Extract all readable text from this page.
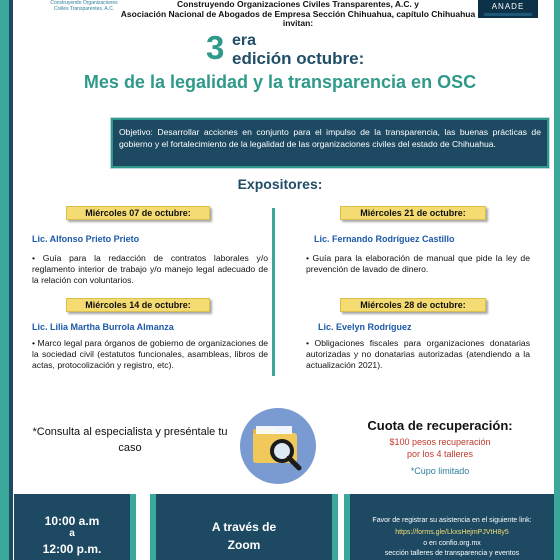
Construyendo Organizaciones Civiles Transparentes, A.C.	Construyendo Organizaciones Civiles Transparentes, A.C. y
Asociación Nacional de Abogados de Empresa Sección Chihuahua, capítulo Chihuahua
invitan:
ANADE
3 era
edición octubre:
Mes de la legalidad y la transparencia en OSC
Objetivo: Desarrollar acciones en conjunto para el impulso de la transparencia, las buenas prácticas de gobierno y el fortalecimiento de la legalidad de las organizaciones civiles del estado de Chihuahua.
Expositores:
Miércoles 07 de octubre:
Lic. Alfonso Prieto Prieto
• Guía para la redacción de contratos laborales y/o reglamento interior de trabajo y/o manejo legal adecuado de la relación con voluntarios.
Miércoles 21 de octubre:
Lic. Fernando Rodríguez Castillo
• Guía para la elaboración de manual que pide la ley de prevención de lavado de dinero.
Miércoles 14 de octubre:
Lic. Lilia Martha Burrola Almanza
• Marco legal para órganos de gobierno de organizaciones de la sociedad civil (estatutos funcionales, asambleas, libros de actas, protocolización y registro, etc).
Miércoles 28 de octubre:
Lic. Evelyn Rodríguez
• Obligaciones fiscales para organizaciones donatarias autorizadas y no donatarias autorizadas (atendiendo a la actualización 2021).
*Consulta al especialista y preséntale tu caso
Cuota de recuperación:
$100 pesos recuperación
por los 4 talleres
*Cupo limitado
10:00 a.m
a
12:00 p.m.
A través de
Zoom
Favor de registrar su asistencia en el siguiente link:
https://forms.gle/LkxsHejmPJVtH8y5
o en confio.org.mx
sección talleres de transparencia y eventos
